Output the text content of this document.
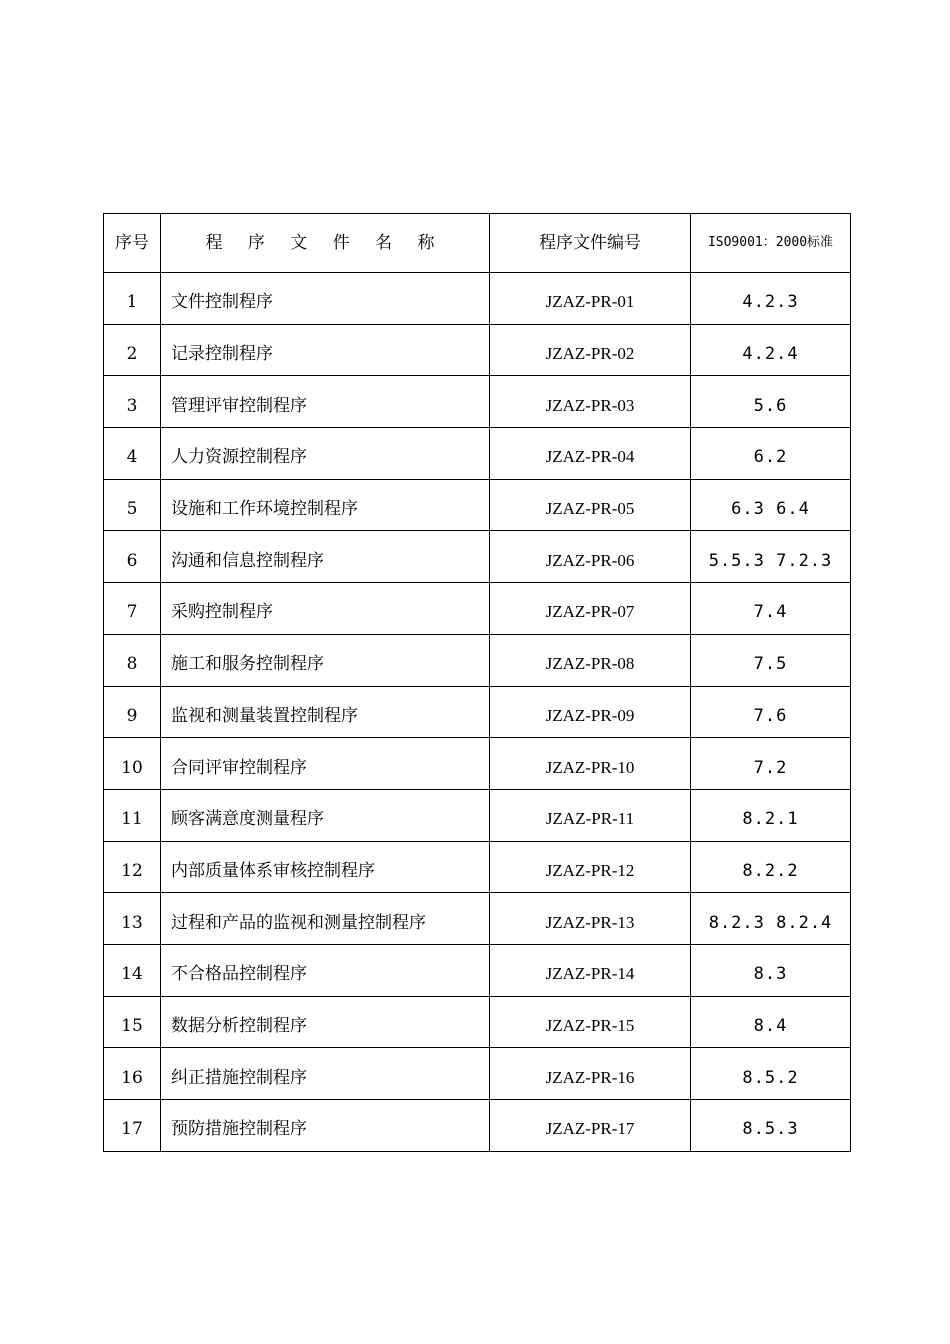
序号	程 序 文 件 名 称	程序文件编号	ISO9001：2000标准
1	文件控制程序	JZAZ-PR-01	4.2.3
2	记录控制程序	JZAZ-PR-02	4.2.4
3	管理评审控制程序	JZAZ-PR-03	5.6
4	人力资源控制程序	JZAZ-PR-04	6.2
5	设施和工作环境控制程序	JZAZ-PR-05	6.3 6.4
6	沟通和信息控制程序	JZAZ-PR-06	5.5.3 7.2.3
7	采购控制程序	JZAZ-PR-07	7.4
8	施工和服务控制程序	JZAZ-PR-08	7.5
9	监视和测量装置控制程序	JZAZ-PR-09	7.6
10	合同评审控制程序	JZAZ-PR-10	7.2
11	顾客满意度测量程序	JZAZ-PR-11	8.2.1
12	内部质量体系审核控制程序	JZAZ-PR-12	8.2.2
13	过程和产品的监视和测量控制程序	JZAZ-PR-13	8.2.3 8.2.4
14	不合格品控制程序	JZAZ-PR-14	8.3
15	数据分析控制程序	JZAZ-PR-15	8.4
16	纠正措施控制程序	JZAZ-PR-16	8.5.2
17	预防措施控制程序	JZAZ-PR-17	8.5.3
